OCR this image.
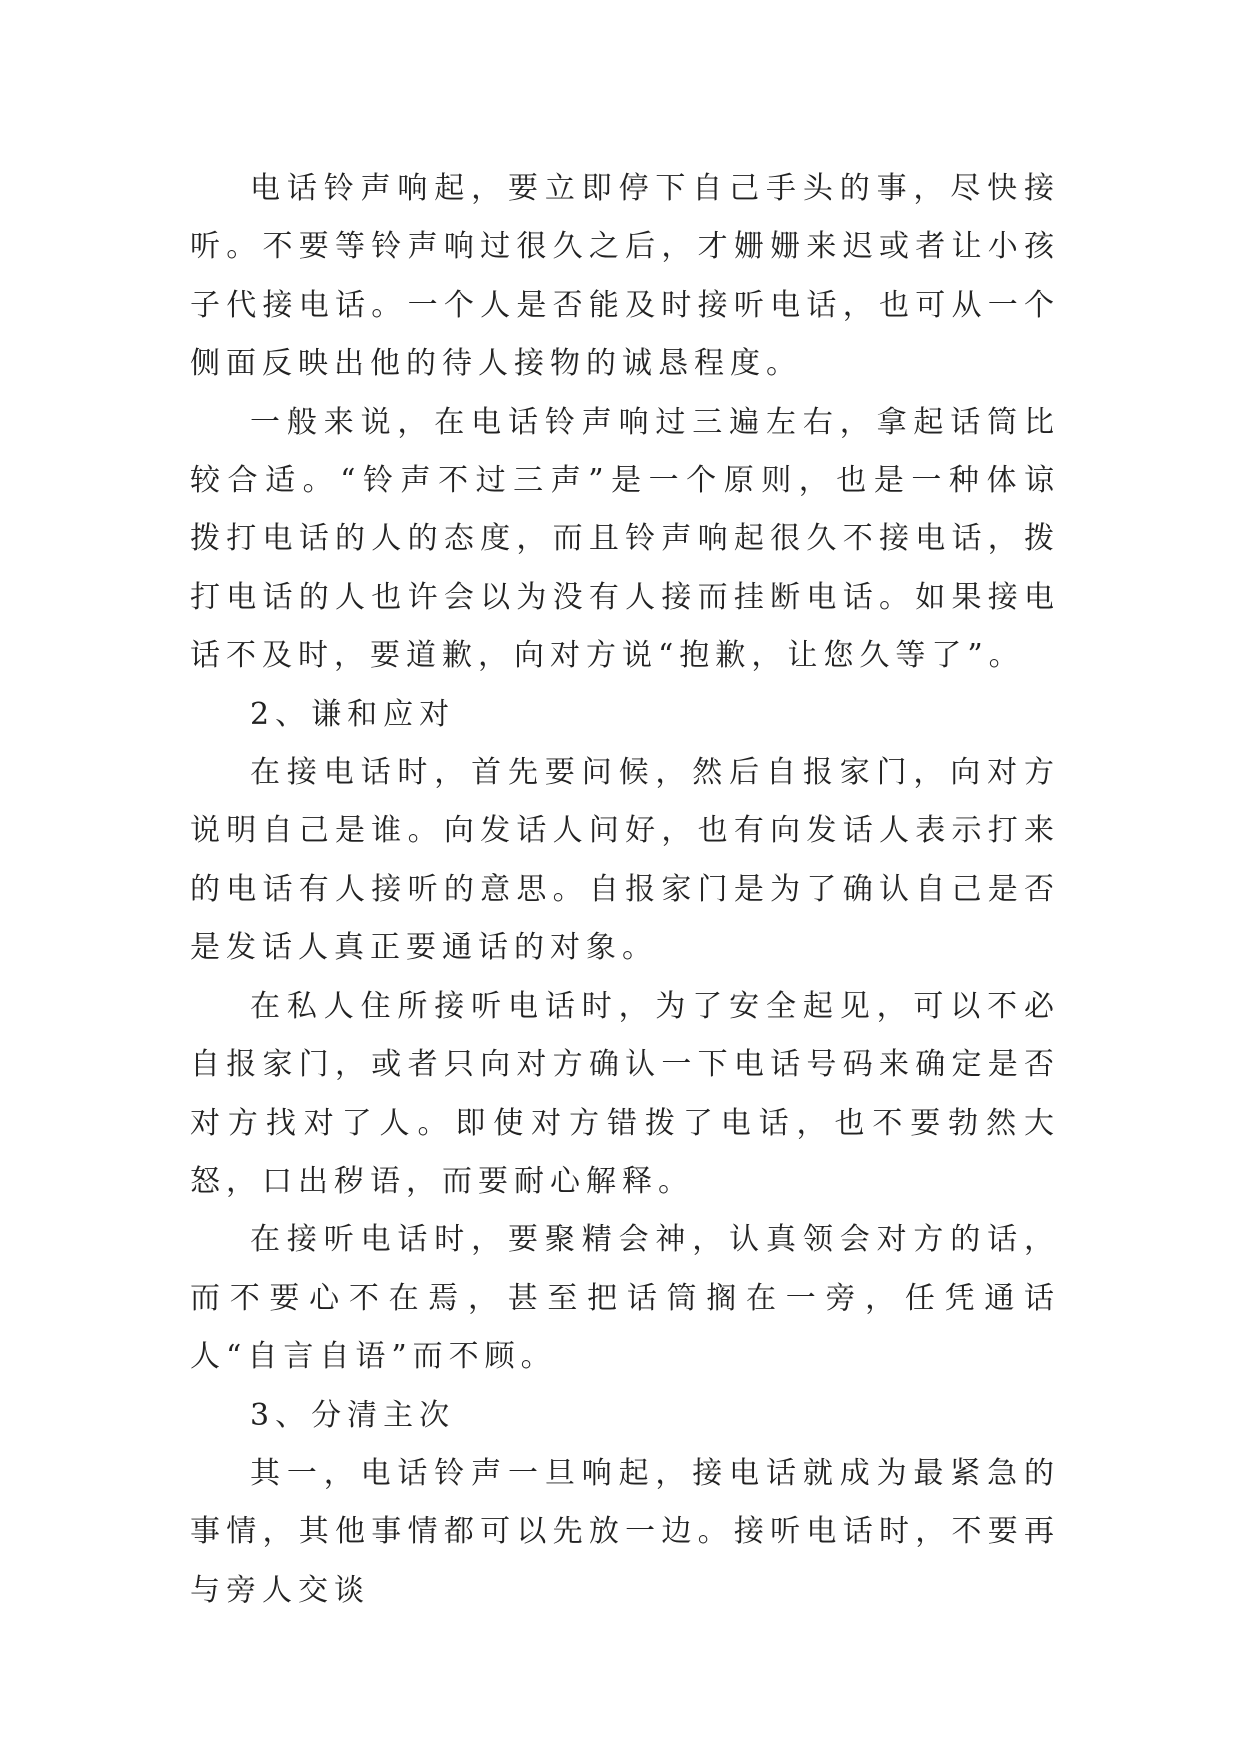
电话铃声响起，要立即停下自己手头的事，尽快接听。不要等铃声响过很久之后，才姗姗来迟或者让小孩子代接电话。一个人是否能及时接听电话，也可从一个侧面反映出他的待人接物的诚恳程度。

一般来说，在电话铃声响过三遍左右，拿起话筒比较合适。“铃声不过三声”是一个原则，也是一种体谅拨打电话的人的态度，而且铃声响起很久不接电话，拨打电话的人也许会以为没有人接而挂断电话。如果接电话不及时，要道歉，向对方说“抱歉，让您久等了”。

2、谦和应对

在接电话时，首先要问候，然后自报家门，向对方说明自己是谁。向发话人问好，也有向发话人表示打来的电话有人接听的意思。自报家门是为了确认自己是否是发话人真正要通话的对象。

在私人住所接听电话时，为了安全起见，可以不必自报家门，或者只向对方确认一下电话号码来确定是否对方找对了人。即使对方错拨了电话，也不要勃然大怒，口出秽语，而要耐心解释。

在接听电话时，要聚精会神，认真领会对方的话，而不要心不在焉，甚至把话筒搁在一旁，任凭通话人“自言自语”而不顾。

3、分清主次

其一，电话铃声一旦响起，接电话就成为最紧急的事情，其他事情都可以先放一边。接听电话时，不要再与旁人交谈
